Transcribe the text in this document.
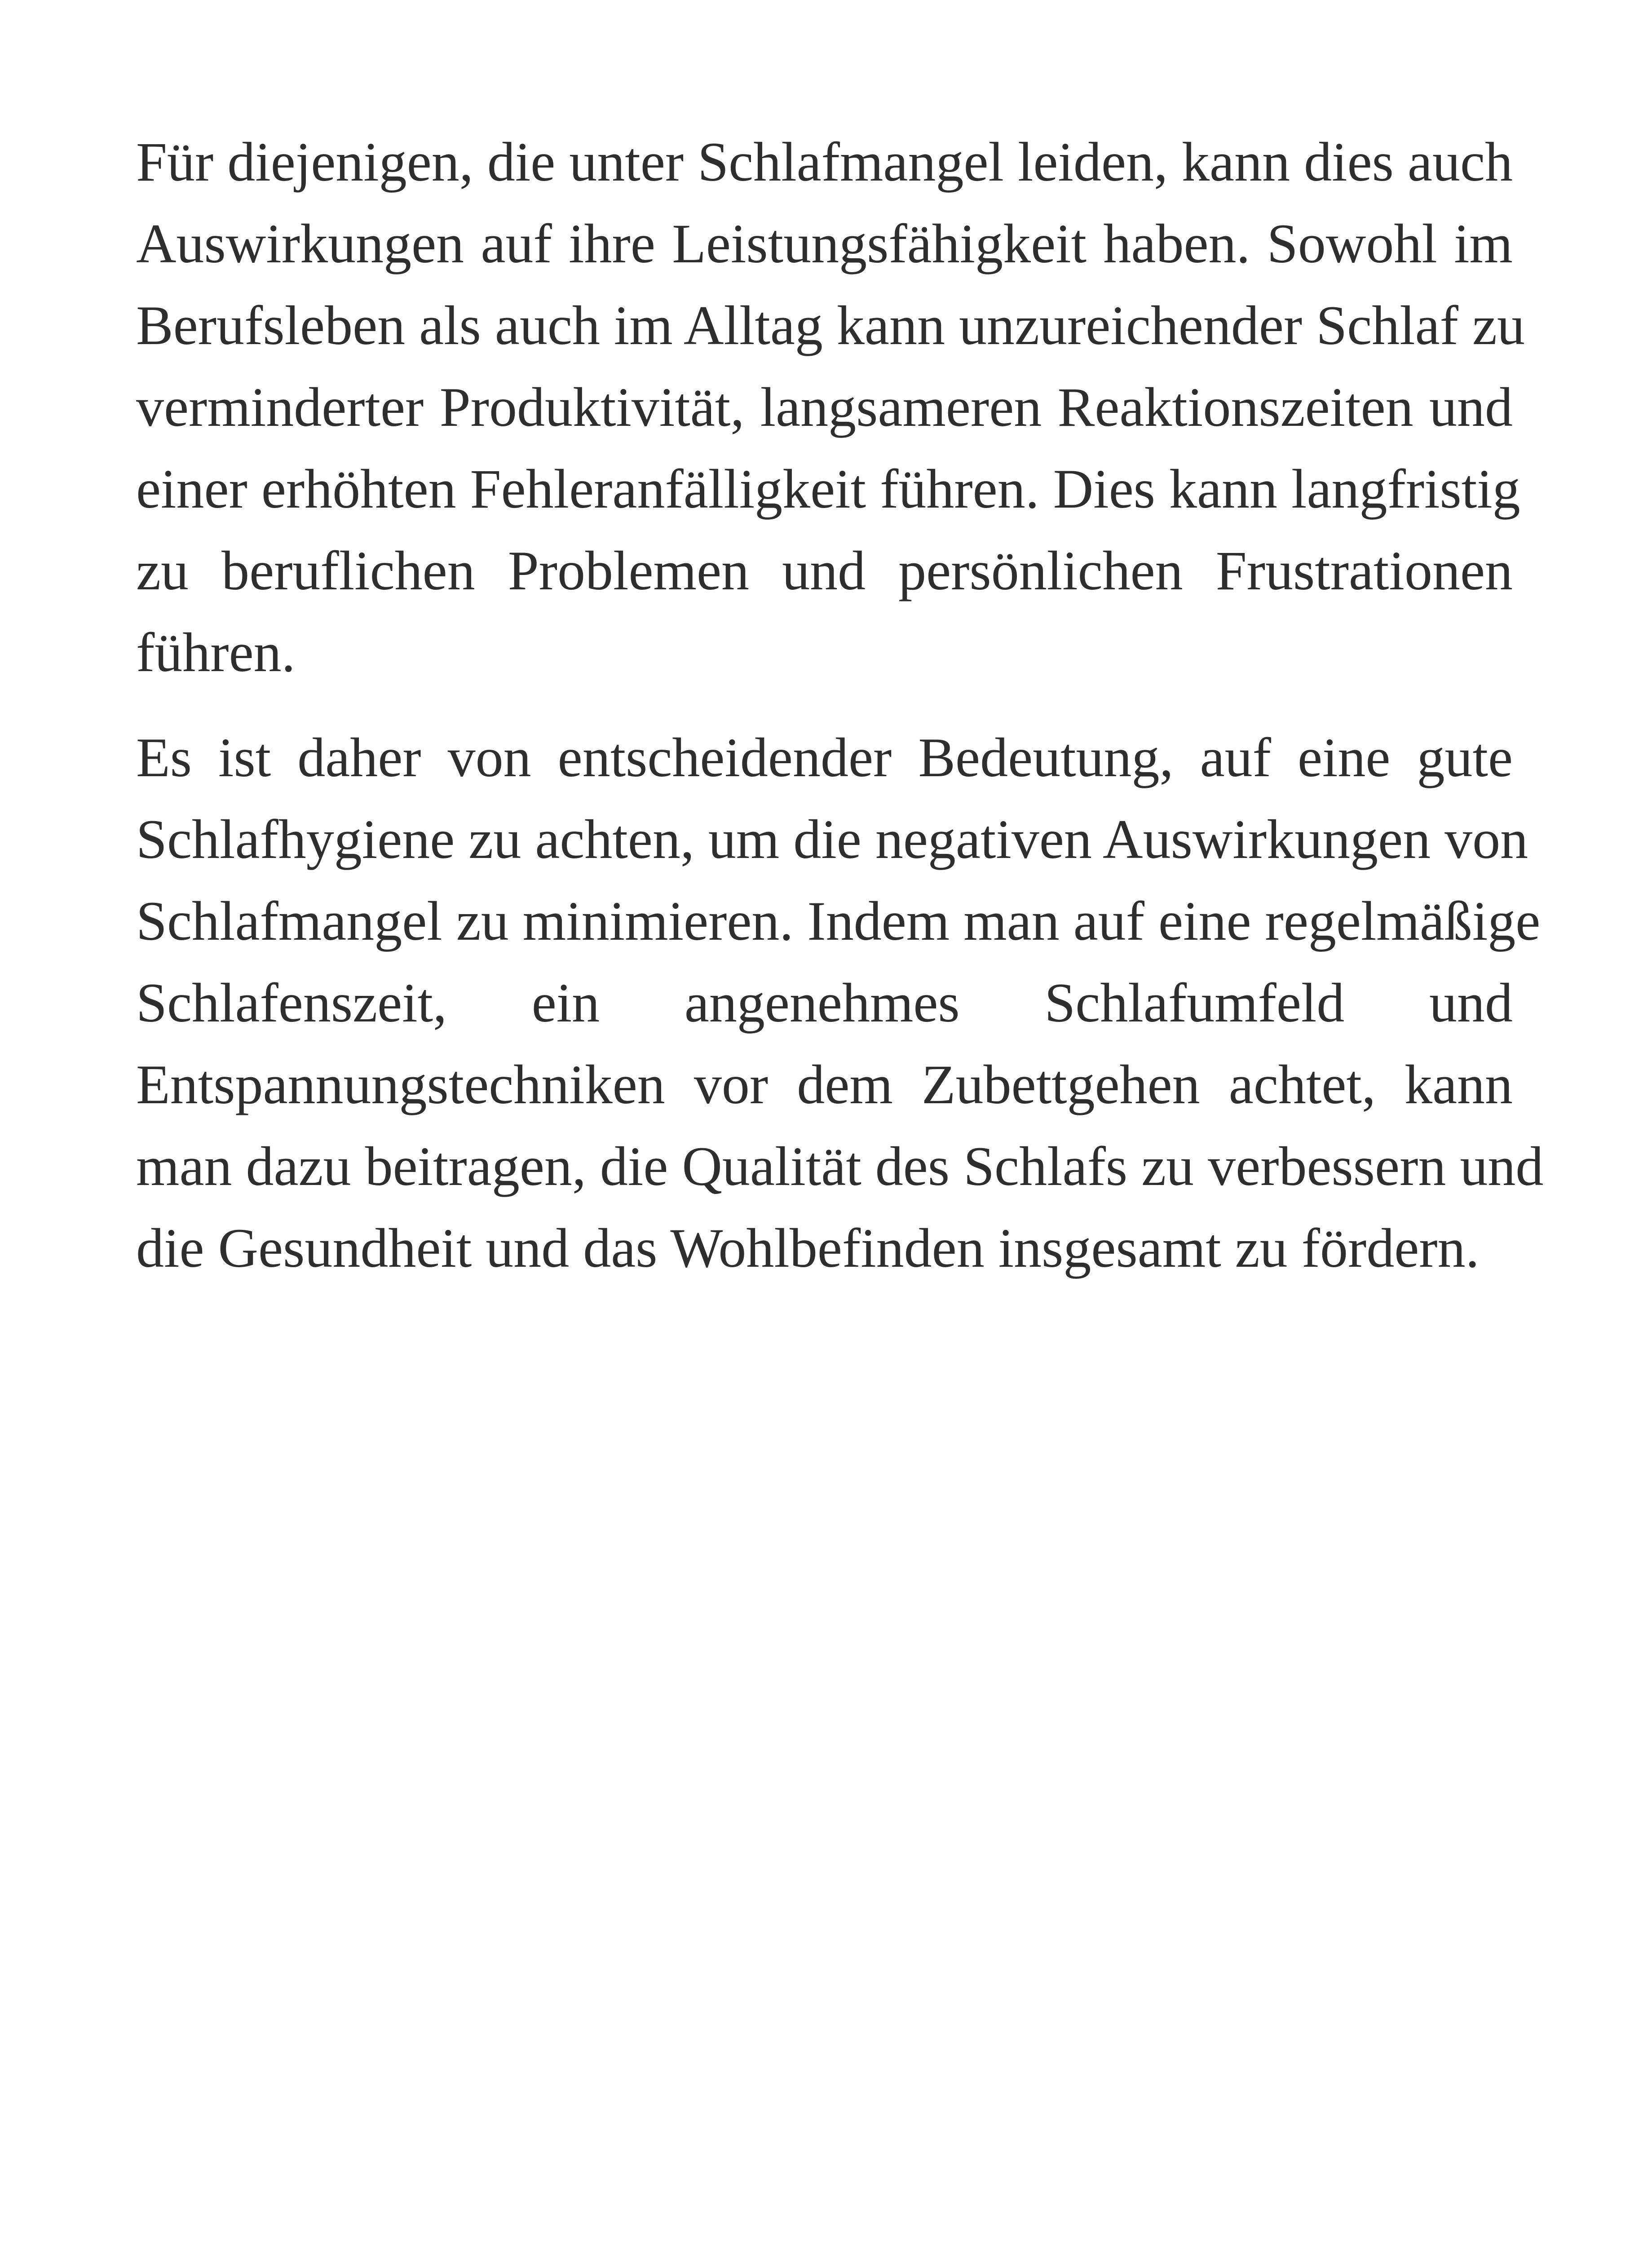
Für diejenigen, die unter Schlafmangel leiden, kann dies auch
Auswirkungen auf ihre Leistungsfähigkeit haben. Sowohl im
Berufsleben als auch im Alltag kann unzureichender Schlaf zu
verminderter Produktivität, langsameren Reaktionszeiten und
einer erhöhten Fehleranfälligkeit führen. Dies kann langfristig
zu beruflichen Problemen und persönlichen Frustrationen
führen.
Es ist daher von entscheidender Bedeutung, auf eine gute
Schlafhygiene zu achten, um die negativen Auswirkungen von
Schlafmangel zu minimieren. Indem man auf eine regelmäßige
Schlafenszeit, ein angenehmes Schlafumfeld und
Entspannungstechniken vor dem Zubettgehen achtet, kann
man dazu beitragen, die Qualität des Schlafs zu verbessern und
die Gesundheit und das Wohlbefinden insgesamt zu fördern.
